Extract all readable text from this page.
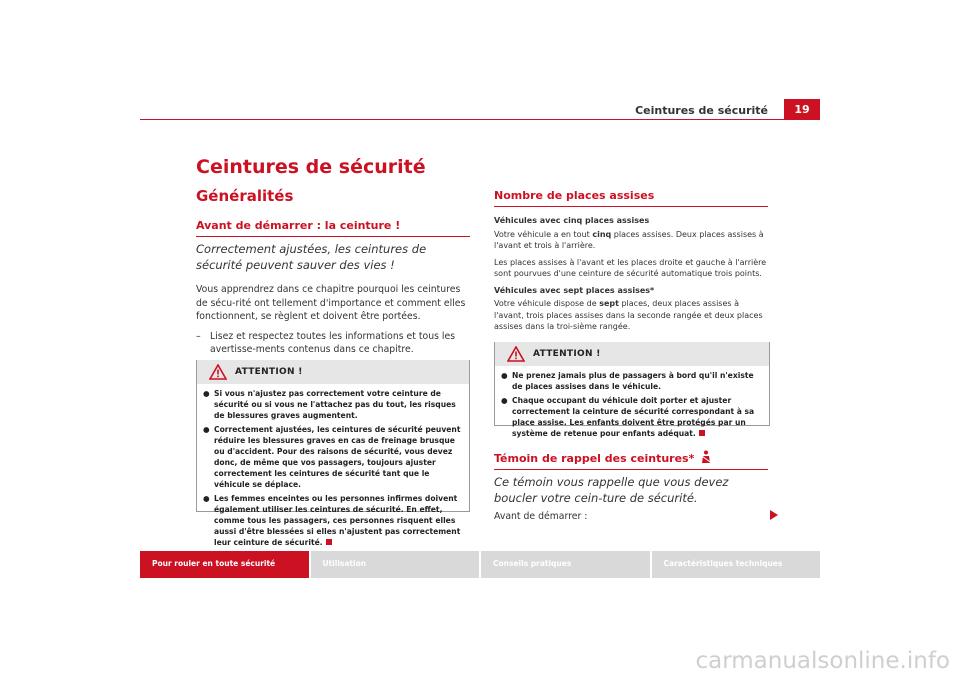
Ceintures de sécurité	19
Ceintures de sécurité
Généralités
Avant de démarrer : la ceinture !
Correctement ajustées, les ceintures de sécurité peuvent sauver des vies !
Vous apprendrez dans ce chapitre pourquoi les ceintures de sécu-rité ont tellement d'importance et comment elles fonctionnent, se règlent et doivent être portées.
–	Lisez et respectez toutes les informations et tous les avertisse-ments contenus dans ce chapitre.
ATTENTION !
● Si vous n'ajustez pas correctement votre ceinture de sécurité ou si vous ne l'attachez pas du tout, les risques de blessures graves augmentent.
● Correctement ajustées, les ceintures de sécurité peuvent réduire les blessures graves en cas de freinage brusque ou d'accident. Pour des raisons de sécurité, vous devez donc, de même que vos passagers, toujours ajuster correctement les ceintures de sécurité tant que le véhicule se déplace.
● Les femmes enceintes ou les personnes infirmes doivent également utiliser les ceintures de sécurité. En effet, comme tous les passagers, ces personnes risquent elles aussi d'être blessées si elles n'ajustent pas correctement leur ceinture de sécurité.
Nombre de places assises

Véhicules avec cinq places assises

Votre véhicule a en tout cinq places assises. Deux places assises à l'avant et trois à l'arrière.

Les places assises à l'avant et les places droite et gauche à l'arrière sont pourvues d'une ceinture de sécurité automatique trois points.

Véhicules avec sept places assises*

Votre véhicule dispose de sept places, deux places assises à l'avant, trois places assises dans la seconde rangée et deux places assises dans la troi-sième rangée.

ATTENTION !
● Ne prenez jamais plus de passagers à bord qu'il n'existe de places assises dans le véhicule.
● Chaque occupant du véhicule doit porter et ajuster correctement la ceinture de sécurité correspondant à sa place assise. Les enfants doivent être protégés par un système de retenue pour enfants adéquat.
Témoin de rappel des ceintures*
Ce témoin vous rappelle que vous devez boucler votre cein-ture de sécurité.
Avant de démarrer :
Pour rouler en toute sécurité	Utilisation	Conseils pratiques	Caractéristiques techniques
carmanualsonline.info
